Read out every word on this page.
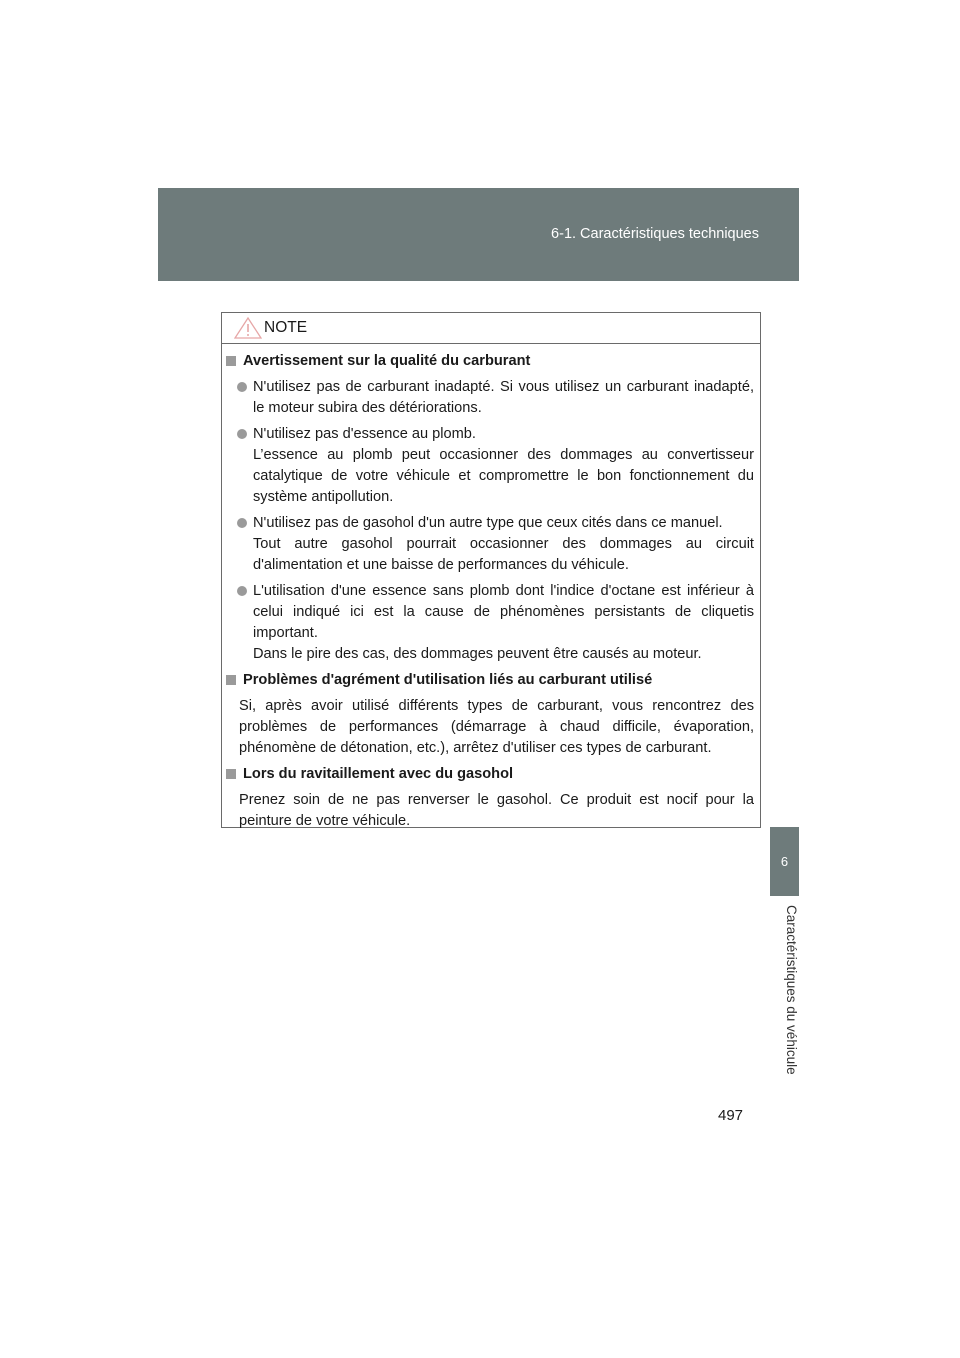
6-1. Caractéristiques techniques
6
Caractéristiques du véhicule
NOTE
Avertissement sur la qualité du carburant
N'utilisez pas de carburant inadapté. Si vous utilisez un carburant inadapté, le moteur subira des détériorations.
N'utilisez pas d'essence au plomb.
L’essence au plomb peut occasionner des dommages au convertisseur catalytique de votre véhicule et compromettre le bon fonctionnement du système antipollution.
N'utilisez pas de gasohol d'un autre type que ceux cités dans ce manuel.
Tout autre gasohol pourrait occasionner des dommages au circuit d'alimentation et une baisse de performances du véhicule.
L'utilisation d'une essence sans plomb dont l'indice d'octane est inférieur à celui indiqué ici est la cause de phénomènes persistants de cliquetis important.
Dans le pire des cas, des dommages peuvent être causés au moteur.
Problèmes d'agrément d'utilisation liés au carburant utilisé
Si, après avoir utilisé différents types de carburant, vous rencontrez des problèmes de performances (démarrage à chaud difficile, évaporation, phénomène de détonation, etc.), arrêtez d'utiliser ces types de carburant.
Lors du ravitaillement avec du gasohol
Prenez soin de ne pas renverser le gasohol. Ce produit est nocif pour la peinture de votre véhicule.
497
